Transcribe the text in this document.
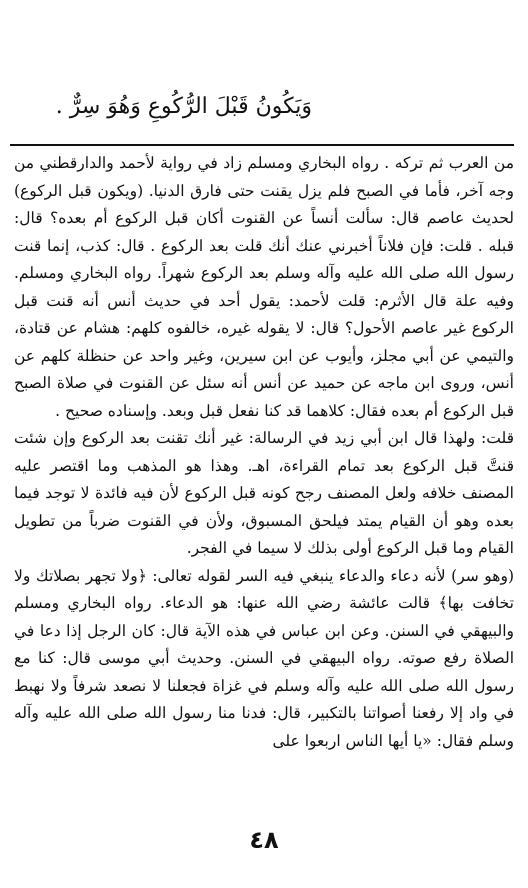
وَيَكُونُ قَبْلَ الرُّكُوعِ وَهُوَ سِرٌّ .

من العرب ثم تركه . رواه البخاري ومسلم زاد في رواية لأحمد والدارقطني من وجه آخر، فأما في الصبح فلم يزل يقنت حتى فارق الدنيا. (ويكون قبل الركوع) لحديث عاصم قال: سألت أنساً عن القنوت أكان قبل الركوع أم بعده؟ قال: قبله . قلت: فإن فلاناً أخبرني عنك أنك قلت بعد الركوع . قال: كذب، إنما قنت رسول الله صلى الله عليه وآله وسلم بعد الركوع شهراً. رواه البخاري ومسلم. وفيه علة قال الأثرم: قلت لأحمد: يقول أحد في حديث أنس أنه قنت قبل الركوع غير عاصم الأحول؟ قال: لا يقوله غيره، خالفوه كلهم: هشام عن قتادة، والتيمي عن أبي مجلز، وأيوب عن ابن سيرين، وغير واحد عن حنظلة كلهم عن أنس، وروى ابن ماجه عن حميد عن أنس أنه سئل عن القنوت في صلاة الصبح قبل الركوع أم بعده فقال: كلاهما قد كنا نفعل قبل وبعد. وإسناده صحيح .

قلت: ولهذا قال ابن أبي زيد في الرسالة: غير أنك تقنت بعد الركوع وإن شئت قنتَّ قبل الركوع بعد تمام القراءة، اهـ. وهذا هو المذهب وما اقتصر عليه المصنف خلافه ولعل المصنف رجح كونه قبل الركوع لأن فيه فائدة لا توجد فيما بعده وهو أن القيام يمتد فيلحق المسبوق، ولأن في القنوت ضرباً من تطويل القيام وما قبل الركوع أولى بذلك لا سيما في الفجر.

(وهو سر) لأنه دعاء والدعاء ينبغي فيه السر لقوله تعالى: ﴿ولا تجهر بصلاتك ولا تخافت بها﴾ قالت عائشة رضي الله عنها: هو الدعاء. رواه البخاري ومسلم والبيهقي في السنن. وعن ابن عباس في هذه الآية قال: كان الرجل إذا دعا في الصلاة رفع صوته. رواه البيهقي في السنن. وحديث أبي موسى قال: كنا مع رسول الله صلى الله عليه وآله وسلم في غزاة فجعلنا لا نصعد شرفاً ولا نهبط في واد إلا رفعنا أصواتنا بالتكبير، قال: فدنا منا رسول الله صلى الله عليه وآله وسلم فقال: «يا أيها الناس اربعوا على

٤٨
